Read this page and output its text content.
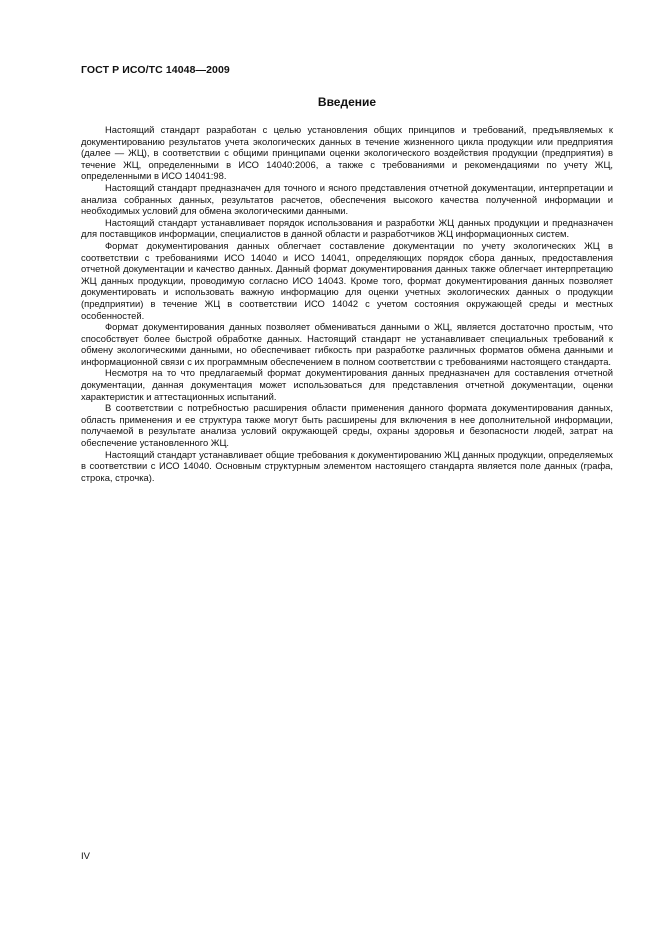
ГОСТ Р ИСО/ТС 14048—2009
Введение

Настоящий стандарт разработан с целью установления общих принципов и требований, предъявляемых к документированию результатов учета экологических данных в течение жизненного цикла продукции или предприятия (далее — ЖЦ), в соответствии с общими принципами оценки экологического воздействия продукции (предприятия) в течение ЖЦ, определенными в ИСО 14040:2006, а также с требованиями и рекомендациями по учету ЖЦ, определенными в ИСО 14041:98.

Настоящий стандарт предназначен для точного и ясного представления отчетной документации, интерпретации и анализа собранных данных, результатов расчетов, обеспечения высокого качества полученной информации и необходимых условий для обмена экологическими данными.

Настоящий стандарт устанавливает порядок использования и разработки ЖЦ данных продукции и предназначен для поставщиков информации, специалистов в данной области и разработчиков ЖЦ информационных систем.

Формат документирования данных облегчает составление документации по учету экологических ЖЦ в соответствии с требованиями ИСО 14040 и ИСО 14041, определяющих порядок сбора данных, предоставления отчетной документации и качество данных. Данный формат документирования данных также облегчает интерпретацию ЖЦ данных продукции, проводимую согласно ИСО 14043. Кроме того, формат документирования данных позволяет документировать и использовать важную информацию для оценки учетных экологических данных о продукции (предприятии) в течение ЖЦ в соответствии ИСО 14042 с учетом состояния окружающей среды и местных особенностей.

Формат документирования данных позволяет обмениваться данными о ЖЦ, является достаточно простым, что способствует более быстрой обработке данных. Настоящий стандарт не устанавливает специальных требований к обмену экологическими данными, но обеспечивает гибкость при разработке различных форматов обмена данными и информационной связи с их программным обеспечением в полном соответствии с требованиями настоящего стандарта.

Несмотря на то что предлагаемый формат документирования данных предназначен для составления отчетной документации, данная документация может использоваться для представления отчетной документации, оценки характеристик и аттестационных испытаний.

В соответствии с потребностью расширения области применения данного формата документирования данных, область применения и ее структура также могут быть расширены для включения в нее дополнительной информации, получаемой в результате анализа условий окружающей среды, охраны здоровья и безопасности людей, затрат на обеспечение установленного ЖЦ.

Настоящий стандарт устанавливает общие требования к документированию ЖЦ данных продукции, определяемых в соответствии с ИСО 14040. Основным структурным элементом настоящего стандарта является поле данных (графа, строка, строчка).

IV
